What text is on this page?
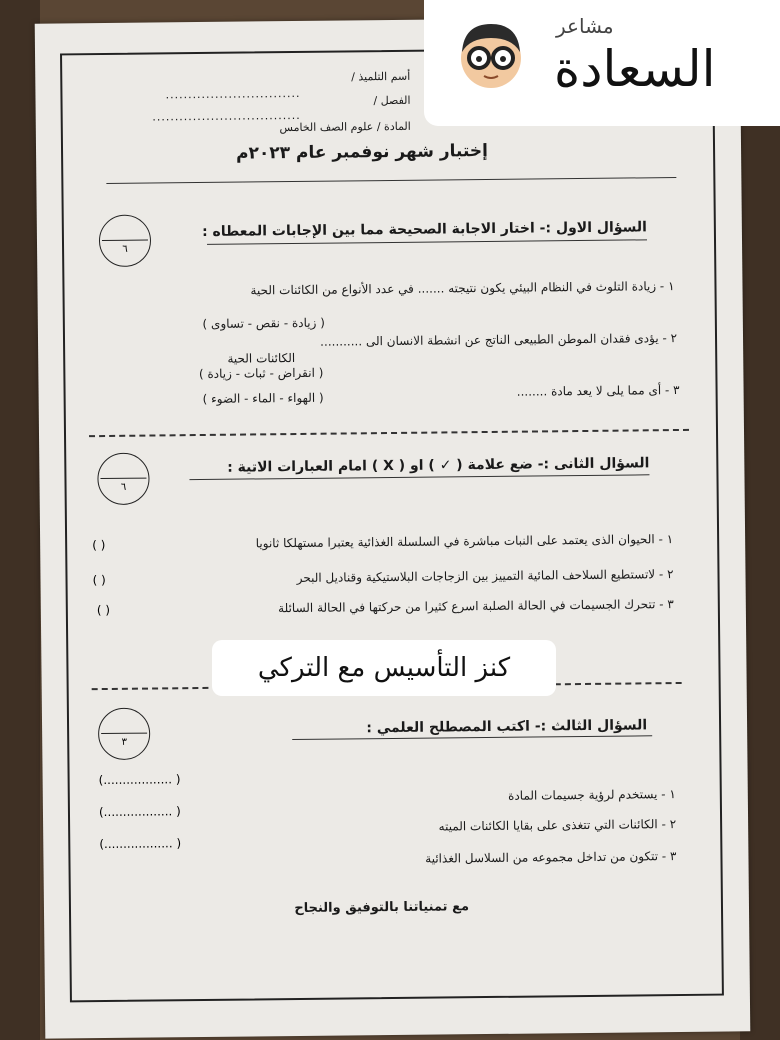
أسم التلميذ /
..............................	الفصل /
.................................
المادة / علوم الصف الخامس
إختبار شهر نوفمبر عام ٢٠٢٣م
٦
السؤال الاول :- اختار الاجابة الصحيحة مما بين الإجابات المعطاه :
١ - زيادة التلوث في النظام البيئي يكون نتيجته ....... في عدد الأنواع من الكائنات الحية
( زيادة - نقص - تساوى )
٢ - يؤدى فقدان الموطن الطبيعى الناتج عن انشطة الانسان الى ...........
الكائنات الحية
( انقراض - ثبات - زيادة )
٣ - أى مما يلى لا يعد مادة ........
( الهواء - الماء - الضوء )
٦
السؤال الثانى :- ضع علامة ( ✓ ) او ( X ) امام العبارات الاتية :
١ - الحيوان الذى يعتمد على النبات مباشرة في السلسلة الغذائية يعتبرا مستهلكا ثانويا
( )
٢ - لاتستطيع السلاحف المائية التمييز بين الزجاجات البلاستيكية وقناديل البحر
( )
٣ - تتحرك الجسيمات في الحالة الصلبة اسرع كثيرا من حركتها في الحالة السائلة
( )
٣
السؤال الثالث :- اكتب المصطلح العلمي :
١ - يستخدم لرؤية جسيمات المادة
(.................. )
٢ - الكائنات التي تتغذى على بقايا الكائنات الميته
(.................. )
٣ - تتكون من تداخل مجموعه من السلاسل الغذائية
(.................. )
مع تمنياتنا بالتوفيق والنجاح
مشاعر
السعادة
كنز التأسيس مع التركي
